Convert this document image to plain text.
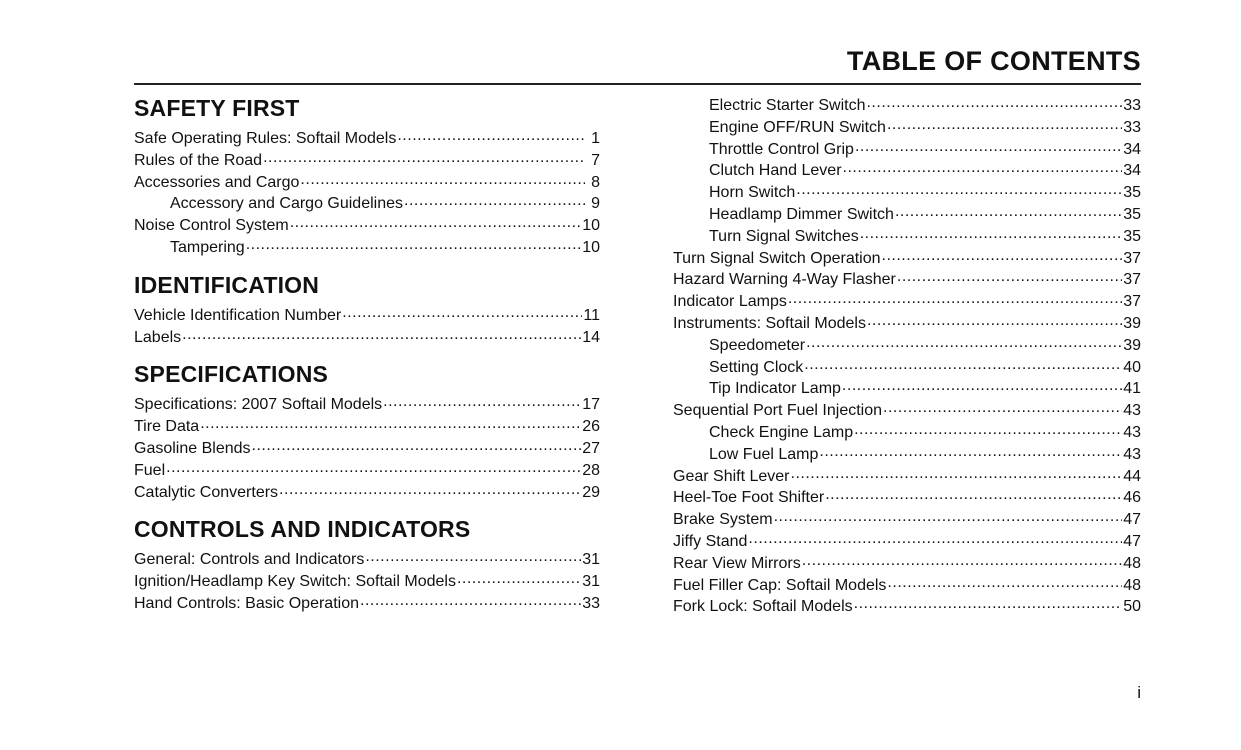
TABLE OF CONTENTS
SAFETY FIRST
Safe Operating Rules: Softail Models .....	1
Rules of the Road .....	7
Accessories and Cargo .....	8
Accessory and Cargo Guidelines .....	9
Noise Control System .....	10
Tampering .....	10
IDENTIFICATION
Vehicle Identification Number .....	11
Labels .....	14
SPECIFICATIONS
Specifications: 2007 Softail Models .....	17
Tire Data .....	26
Gasoline Blends .....	27
Fuel .....	28
Catalytic Converters .....	29
CONTROLS AND INDICATORS
General: Controls and Indicators .....	31
Ignition/Headlamp Key Switch: Softail Models .....	31
Hand Controls: Basic Operation .....	33
Electric Starter Switch .....	33
Engine OFF/RUN Switch .....	33
Throttle Control Grip .....	34
Clutch Hand Lever .....	34
Horn Switch .....	35
Headlamp Dimmer Switch .....	35
Turn Signal Switches .....	35
Turn Signal Switch Operation .....	37
Hazard Warning 4-Way Flasher .....	37
Indicator Lamps .....	37
Instruments: Softail Models .....	39
Speedometer .....	39
Setting Clock .....	40
Tip Indicator Lamp .....	41
Sequential Port Fuel Injection .....	43
Check Engine Lamp .....	43
Low Fuel Lamp .....	43
Gear Shift Lever .....	44
Heel-Toe Foot Shifter .....	46
Brake System .....	47
Jiffy Stand .....	47
Rear View Mirrors .....	48
Fuel Filler Cap: Softail Models .....	48
Fork Lock: Softail Models .....	50
i
